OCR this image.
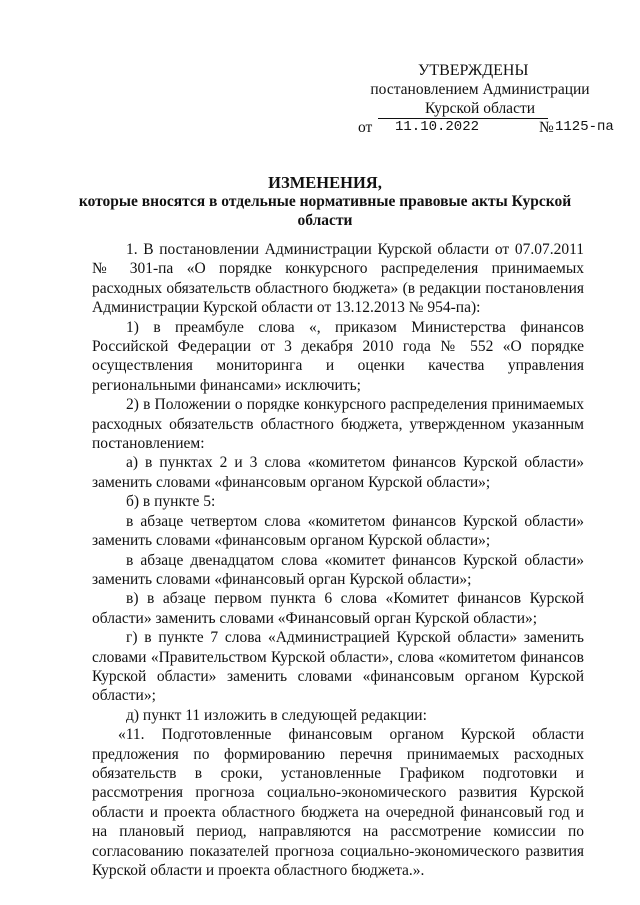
УТВЕРЖДЕНЫ
постановлением Администрации
Курской области
от 11.10.2022	№ 1125-па
ИЗМЕНЕНИЯ,
которые вносятся в отдельные нормативные правовые акты Курской области

1. В постановлении Администрации Курской области от 07.07.2011 № 301-па «О порядке конкурсного распределения принимаемых расходных обязательств областного бюджета» (в редакции постановления Администрации Курской области от 13.12.2013 № 954-па):

1) в преамбуле слова «, приказом Министерства финансов Российской Федерации от 3 декабря 2010 года № 552 «О порядке осуществления мониторинга и оценки качества управления региональными финансами» исключить;

2) в Положении о порядке конкурсного распределения принимаемых расходных обязательств областного бюджета, утвержденном указанным постановлением:

а) в пунктах 2 и 3 слова «комитетом финансов Курской области» заменить словами «финансовым органом Курской области»;

б) в пункте 5:

в абзаце четвертом слова «комитетом финансов Курской области» заменить словами «финансовым органом Курской области»;

в абзаце двенадцатом слова «комитет финансов Курской области» заменить словами «финансовый орган Курской области»;

в) в абзаце первом пункта 6 слова «Комитет финансов Курской области» заменить словами «Финансовый орган Курской области»;

г) в пункте 7 слова «Администрацией Курской области» заменить словами «Правительством Курской области», слова «комитетом финансов Курской области» заменить словами «финансовым органом Курской области»;

д) пункт 11 изложить в следующей редакции:

«11. Подготовленные финансовым органом Курской области предложения по формированию перечня принимаемых расходных обязательств в сроки, установленные Графиком подготовки и рассмотрения прогноза социально-экономического развития Курской области и проекта областного бюджета на очередной финансовый год и на плановый период, направляются на рассмотрение комиссии по согласованию показателей прогноза социально-экономического развития Курской области и проекта областного бюджета.».
